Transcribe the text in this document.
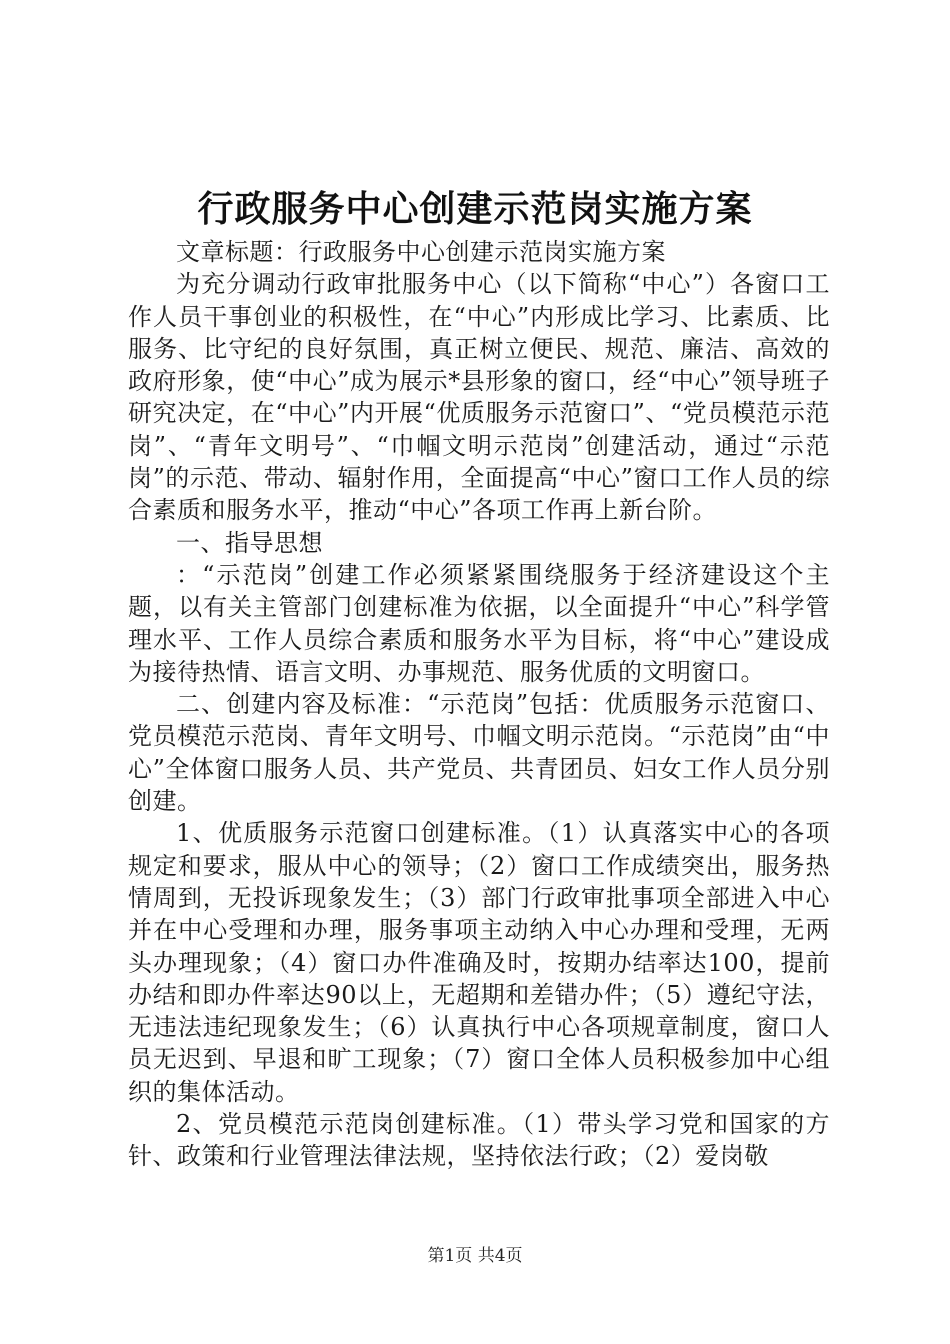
行政服务中心创建示范岗实施方案

文章标题：行政服务中心创建示范岗实施方案

为充分调动行政审批服务中心（以下简称“中心”）各窗口工作人员干事创业的积极性，在“中心”内形成比学习、比素质、比服务、比守纪的良好氛围，真正树立便民、规范、廉洁、高效的政府形象，使“中心”成为展示*县形象的窗口，经“中心”领导班子研究决定，在“中心”内开展“优质服务示范窗口”、“党员模范示范岗”、“青年文明号”、“巾帼文明示范岗”创建活动，通过“示范岗”的示范、带动、辐射作用，全面提高“中心”窗口工作人员的综合素质和服务水平，推动“中心”各项工作再上新台阶。

一、指导思想

：“示范岗”创建工作必须紧紧围绕服务于经济建设这个主题，以有关主管部门创建标准为依据，以全面提升“中心”科学管理水平、工作人员综合素质和服务水平为目标，将“中心”建设成为接待热情、语言文明、办事规范、服务优质的文明窗口。

二、创建内容及标准：“示范岗”包括：优质服务示范窗口、党员模范示范岗、青年文明号、巾帼文明示范岗。“示范岗”由“中心”全体窗口服务人员、共产党员、共青团员、妇女工作人员分别创建。

1、优质服务示范窗口创建标准。（1）认真落实中心的各项规定和要求，服从中心的领导；（2）窗口工作成绩突出，服务热情周到，无投诉现象发生；（3）部门行政审批事项全部进入中心并在中心受理和办理，服务事项主动纳入中心办理和受理，无两头办理现象；（4）窗口办件准确及时，按期办结率达100，提前办结和即办件率达90以上，无超期和差错办件；（5）遵纪守法，无违法违纪现象发生；（6）认真执行中心各项规章制度，窗口人员无迟到、早退和旷工现象；（7）窗口全体人员积极参加中心组织的集体活动。

2、党员模范示范岗创建标准。（1）带头学习党和国家的方针、政策和行业管理法律法规，坚持依法行政；（2）爱岗敬

第1页 共4页
